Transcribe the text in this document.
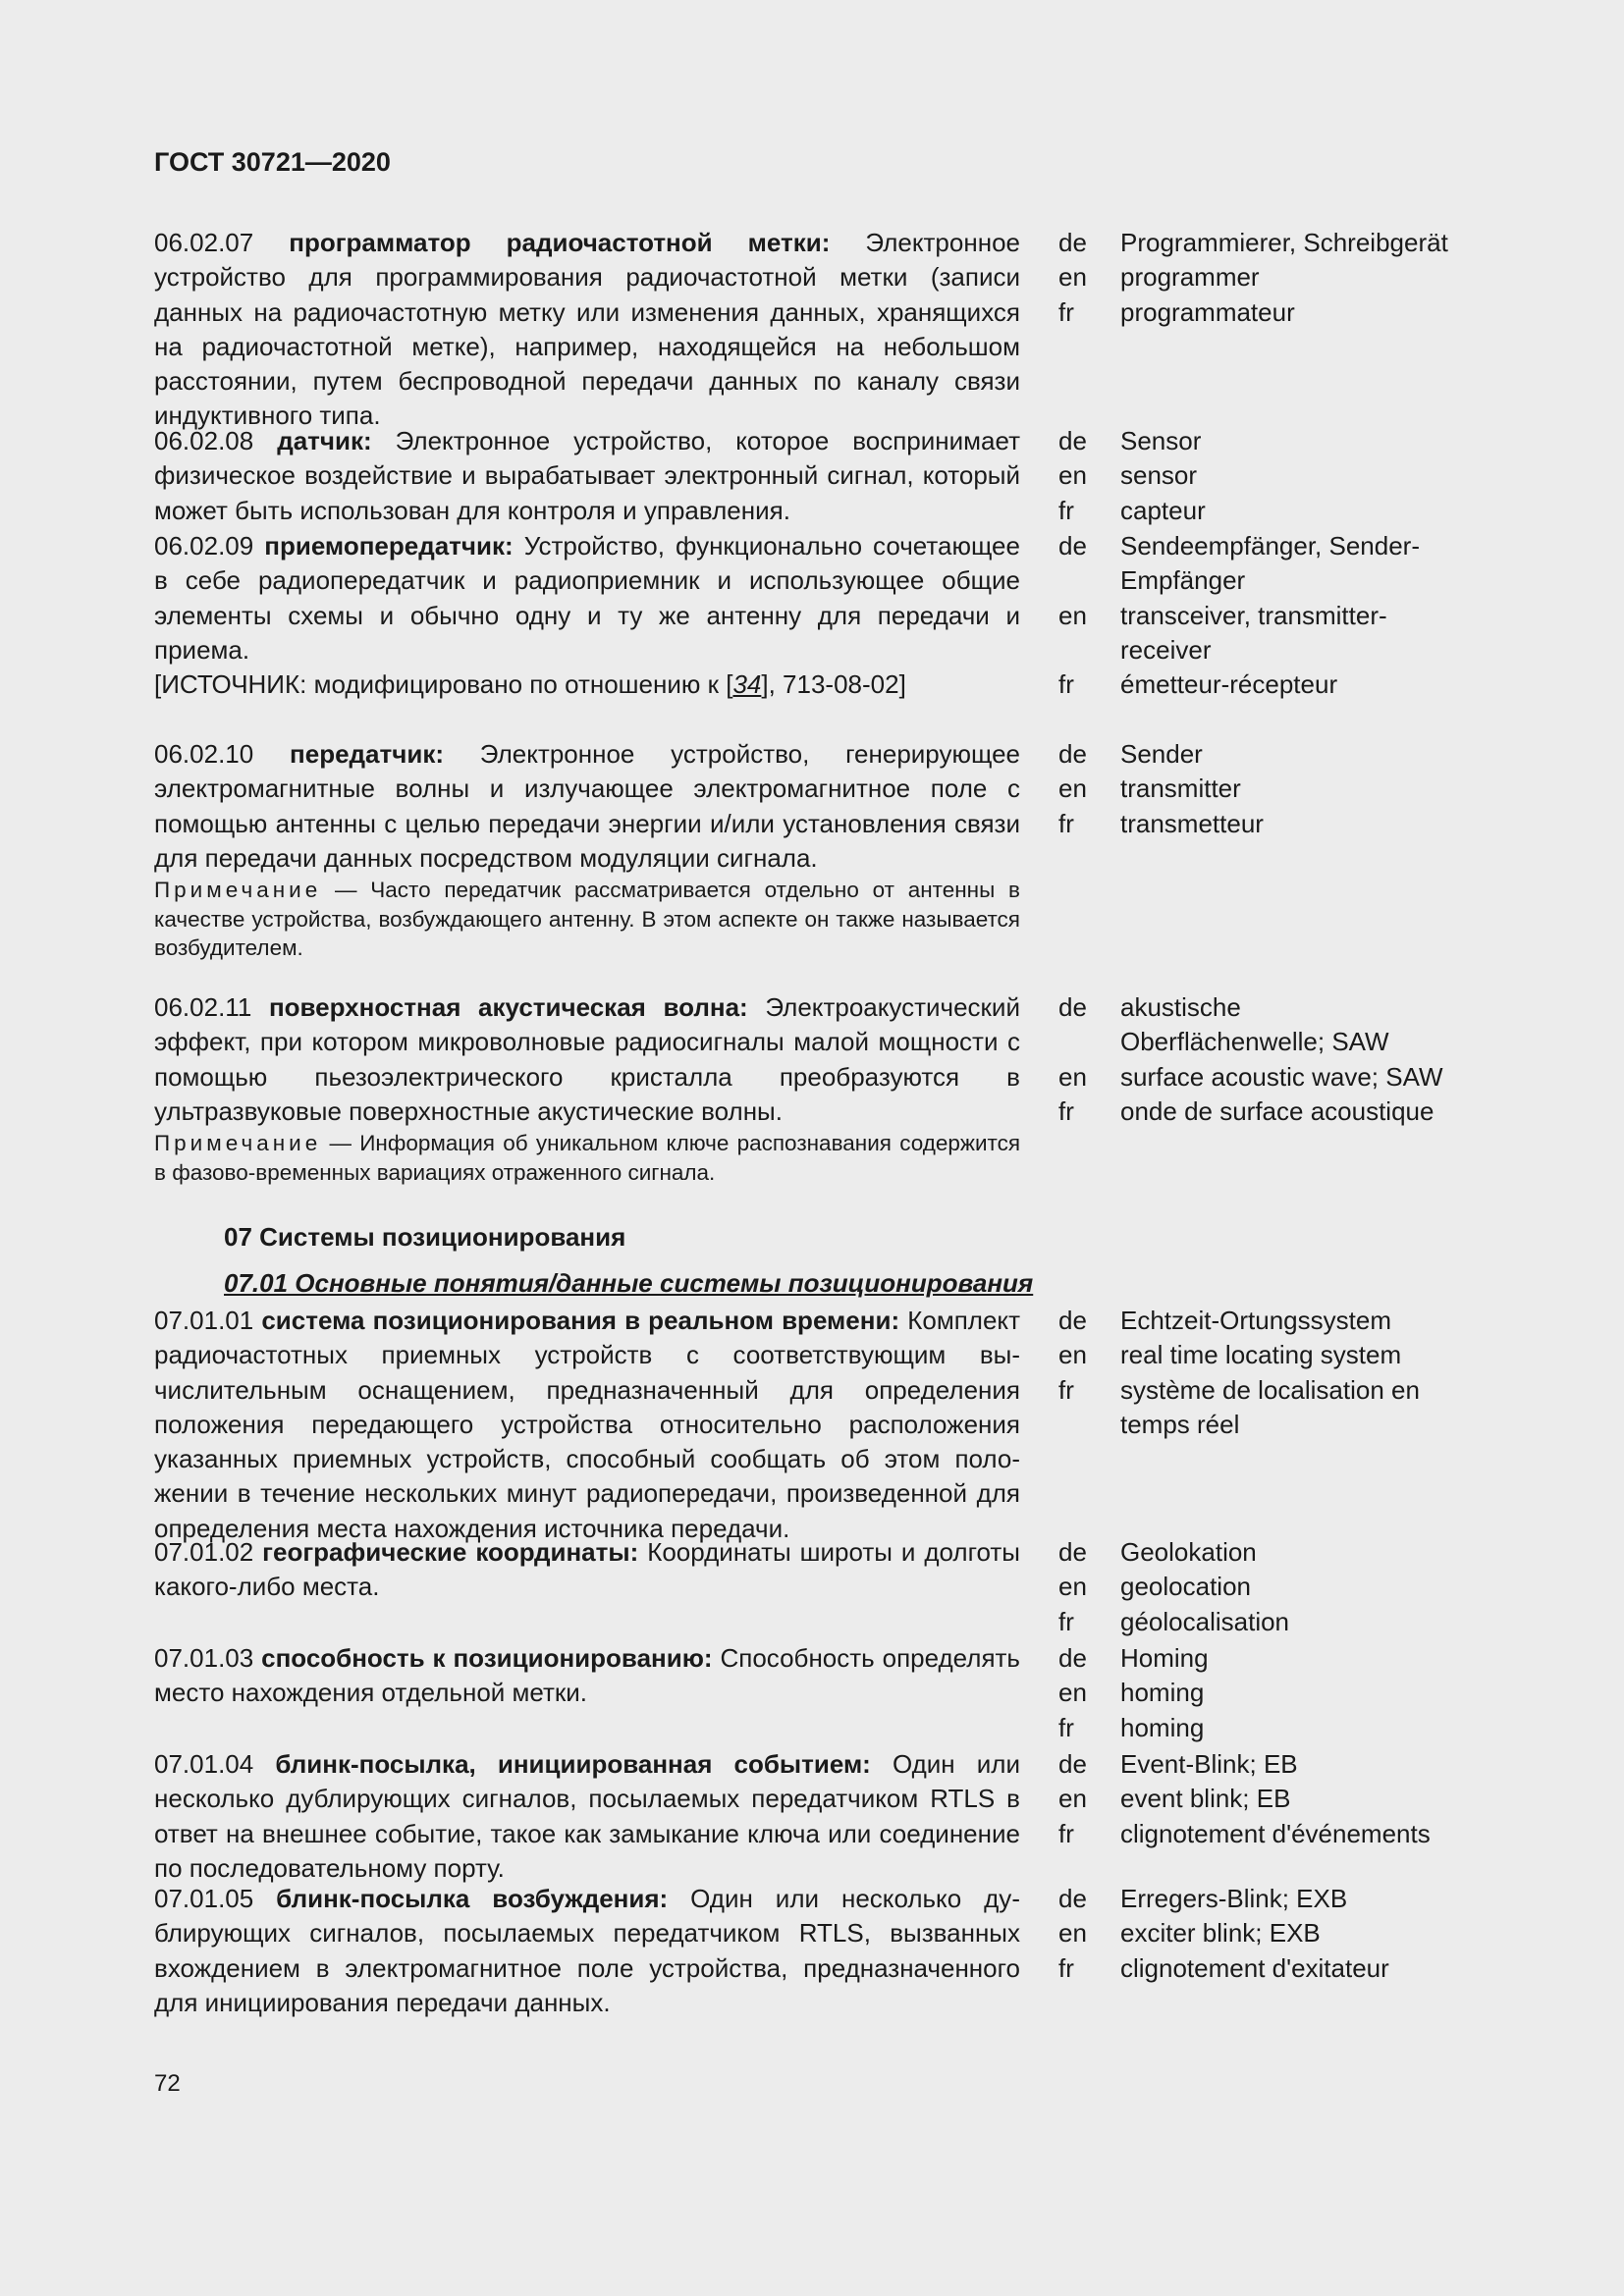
ГОСТ 30721—2020

06.02.07 программатор радиочастотной метки: Электронное устройство для программирования радиочастотной метки (записи данных на радиочастотную метку или изменения данных, хранящихся на радиочастотной метке), например, находящейся на небольшом расстоянии, путем беспроводной передачи данных по каналу связи индуктивного типа.

de	Programmierer, Schreibgerät
en	programmer
fr	programmateur

06.02.08 датчик: Электронное устройство, которое воспринимает физическое воздействие и вырабатывает электронный сигнал, который может быть использован для контроля и управления.

de	Sensor
en	sensor
fr	capteur

06.02.09 приемопередатчик: Устройство, функционально сочетающее в себе радиопередатчик и радиоприемник и использующее общие элементы схемы и обычно одну и ту же антенну для передачи и приема.

[ИСТОЧНИК: модифицировано по отношению к [34], 713-08-02]

de	Sendeempfänger, Sender-Empfänger
en	transceiver, transmitter-receiver
fr	émetteur-récepteur

06.02.10 передатчик: Электронное устройство, генерирующее электромагнитные волны и излучающее электромагнитное поле с помощью антенны с целью передачи энергии и/или установления связи для передачи данных посредством модуляции сигнала.

Примечание — Часто передатчик рассматривается отдельно от антенны в качестве устройства, возбуждающего антенну. В этом аспекте он также называется возбудителем.

de	Sender
en	transmitter
fr	transmetteur

06.02.11 поверхностная акустическая волна: Электроакустический эффект, при котором микроволновые радиосигналы малой мощности с помощью пьезоэлектрического кристалла преобразуются в ультразвуковые поверхностные акустические волны.

Примечание — Информация об уникальном ключе распознавания содержится в фазово-временных вариациях отраженного сигнала.

de	akustische Oberflächenwelle; SAW
en	surface acoustic wave; SAW
fr	onde de surface acoustique
07 Системы позиционирования
07.01 Основные понятия/данные системы позиционирования

07.01.01 система позиционирования в реальном времени: Комплект радиочастотных приемных устройств с соответствующим вычислительным оснащением, предназначенный для определения положения передающего устройства относительно расположения указанных приемных устройств, способный сообщать об этом положении в течение нескольких минут радиопередачи, произведенной для определения места нахождения источника передачи.

de	Echtzeit-Ortungssystem
en	real time locating system
fr	système de localisation en temps réel

07.01.02 географические координаты: Координаты широты и долготы какого-либо места.

de	Geolokation
en	geolocation
fr	géolocalisation

07.01.03 способность к позиционированию: Способность определять место нахождения отдельной метки.

de	Homing
en	homing
fr	homing

07.01.04 блинк-посылка, инициированная событием: Один или несколько дублирующих сигналов, посылаемых передатчиком RTLS в ответ на внешнее событие, такое как замыкание ключа или соединение по последовательному порту.

de	Event-Blink; EB
en	event blink; EB
fr	clignotement d'événements

07.01.05 блинк-посылка возбуждения: Один или несколько дублирующих сигналов, посылаемых передатчиком RTLS, вызванных вхождением в электромагнитное поле устройства, предназначенного для инициирования передачи данных.

de	Erregers-Blink; EXB
en	exciter blink; EXB
fr	clignotement d'exitateur
72
